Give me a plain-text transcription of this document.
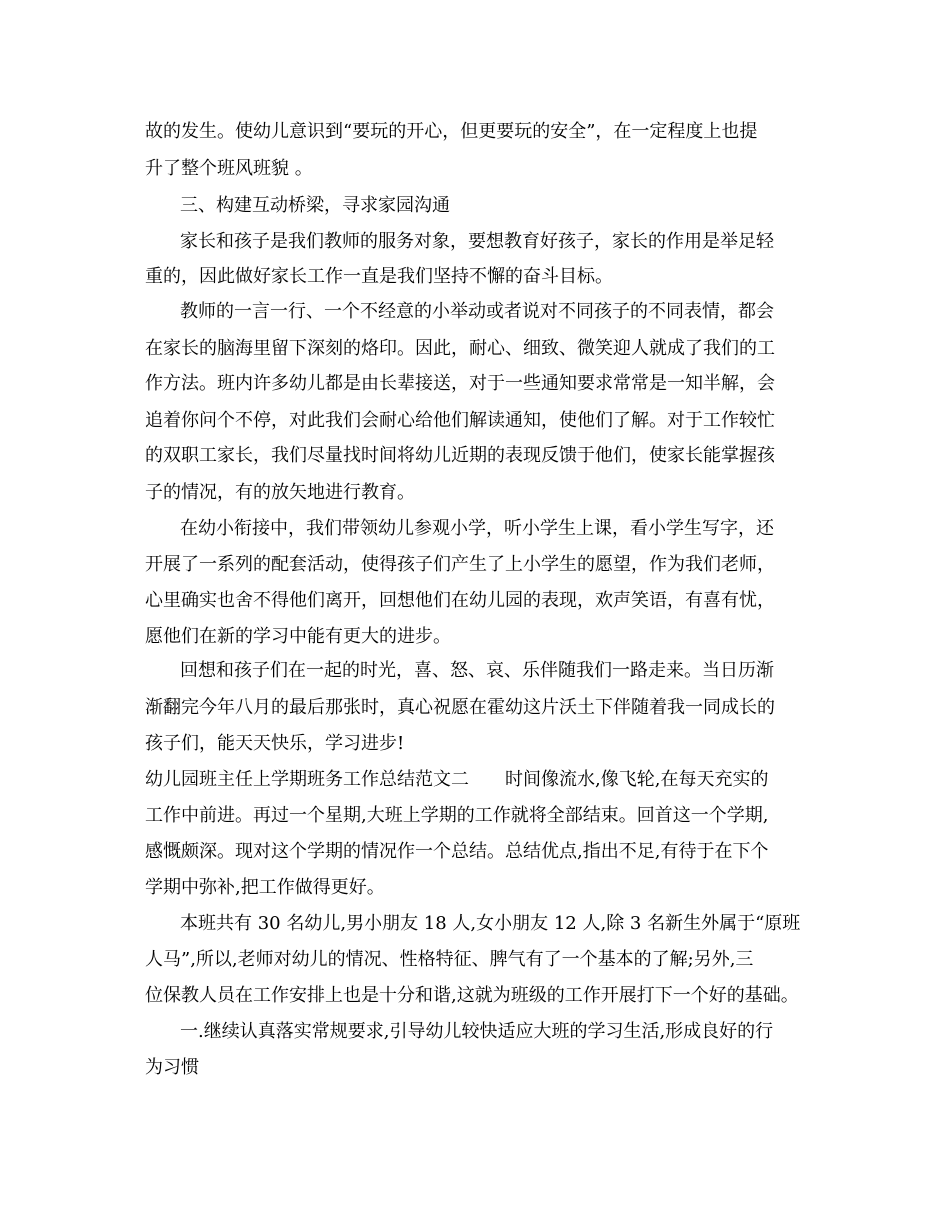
故的发生。使幼儿意识到“要玩的开心，但更要玩的安全”，在一定程度上也提
升了整个班风班貌 。
三、构建互动桥梁，寻求家园沟通
家长和孩子是我们教师的服务对象，要想教育好孩子，家长的作用是举足轻
重的，因此做好家长工作一直是我们坚持不懈的奋斗目标。
教师的一言一行、一个不经意的小举动或者说对不同孩子的不同表情，都会
在家长的脑海里留下深刻的烙印。因此，耐心、细致、微笑迎人就成了我们的工
作方法。班内许多幼儿都是由长辈接送，对于一些通知要求常常是一知半解，会
追着你问个不停，对此我们会耐心给他们解读通知，使他们了解。对于工作较忙
的双职工家长，我们尽量找时间将幼儿近期的表现反馈于他们，使家长能掌握孩
子的情况，有的放矢地进行教育。
在幼小衔接中，我们带领幼儿参观小学，听小学生上课，看小学生写字，还
开展了一系列的配套活动，使得孩子们产生了上小学生的愿望，作为我们老师，
心里确实也舍不得他们离开，回想他们在幼儿园的表现，欢声笑语，有喜有忧，
愿他们在新的学习中能有更大的进步。
回想和孩子们在一起的时光，喜、怒、哀、乐伴随我们一路走来。当日历渐
渐翻完今年八月的最后那张时，真心祝愿在霍幼这片沃土下伴随着我一同成长的
孩子们，能天天快乐，学习进步!
幼儿园班主任上学期班务工作总结范文二　　时间像流水,像飞轮,在每天充实的
工作中前进。再过一个星期,大班上学期的工作就将全部结束。回首这一个学期,
感慨颇深。现对这个学期的情况作一个总结。总结优点,指出不足,有待于在下个
学期中弥补,把工作做得更好。
本班共有 30 名幼儿,男小朋友 18 人,女小朋友 12 人,除 3 名新生外属于“原班
人马”,所以,老师对幼儿的情况、性格特征、脾气有了一个基本的了解;另外,三
位保教人员在工作安排上也是十分和谐,这就为班级的工作开展打下一个好的基础。
一.继续认真落实常规要求,引导幼儿较快适应大班的学习生活,形成良好的行
为习惯
